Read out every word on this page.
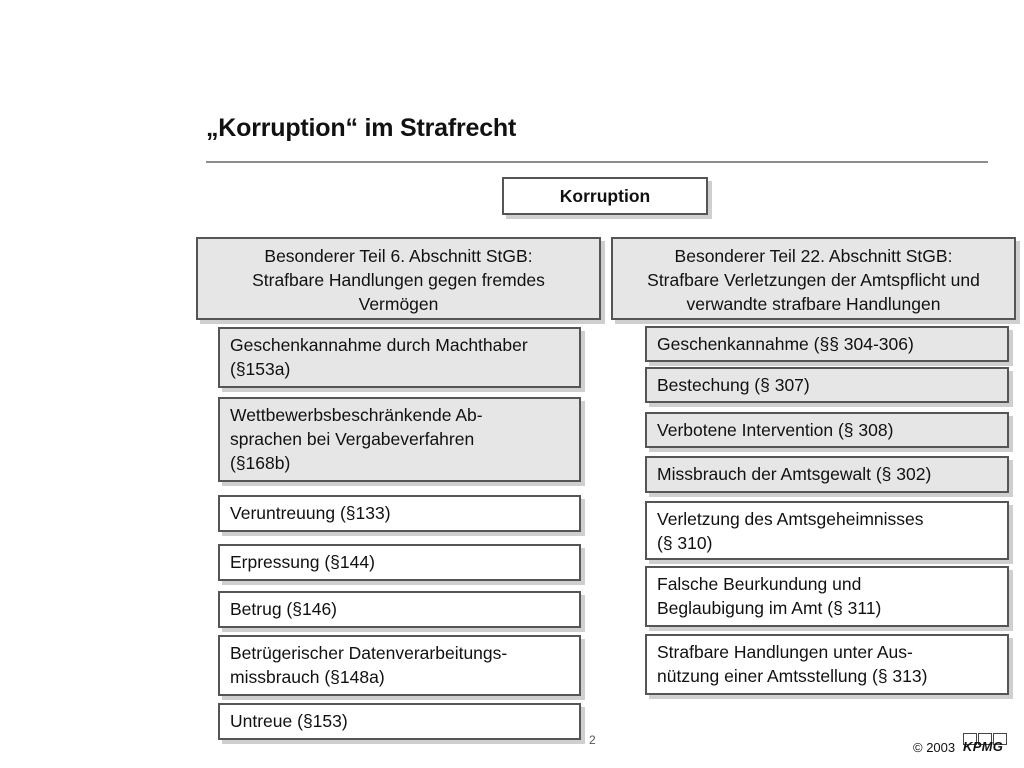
„Korruption“ im Strafrecht
Korruption
Besonderer Teil 6. Abschnitt StGB:
Strafbare Handlungen gegen fremdes
Vermögen
Besonderer Teil 22. Abschnitt StGB:
Strafbare Verletzungen der Amtspflicht und
verwandte strafbare Handlungen
Geschenkannahme durch Machthaber
(§153a)
Wettbewerbsbeschränkende Ab-
sprachen bei Vergabeverfahren
(§168b)
Veruntreuung (§133)
Erpressung (§144)
Betrug (§146)
Betrügerischer Datenverarbeitungs-
missbrauch (§148a)
Untreue (§153)
Geschenkannahme (§§ 304-306)
Bestechung (§ 307)
Verbotene Intervention (§ 308)
Missbrauch der Amtsgewalt (§ 302)
Verletzung des Amtsgeheimnisses
(§ 310)
Falsche Beurkundung und
Beglaubigung im Amt (§ 311)
Strafbare Handlungen unter Aus-
nützung einer Amtsstellung (§ 313)
2	© 2003 KPMG
